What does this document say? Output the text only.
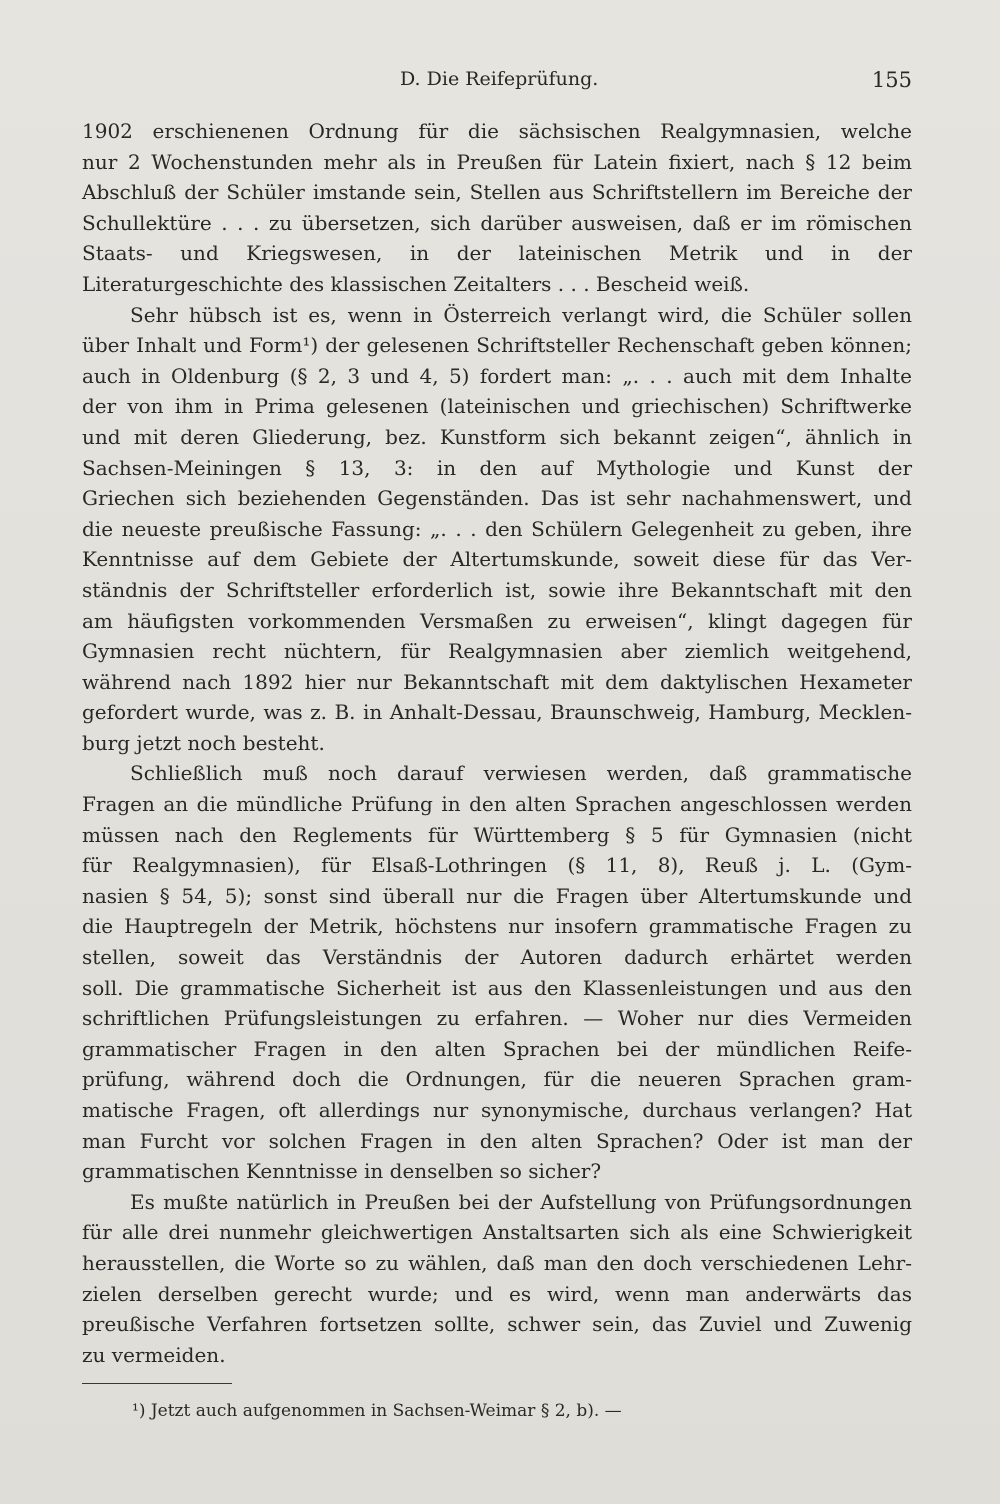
D. Die Reifeprüfung.	155
1902 erschienenen Ordnung für die sächsischen Realgymnasien, welche
nur 2 Wochenstunden mehr als in Preußen für Latein fixiert, nach § 12 beim
Abschluß der Schüler imstande sein, Stellen aus Schriftstellern im Bereiche der
Schullektüre . . . zu übersetzen, sich darüber ausweisen, daß er im römischen
Staats- und Kriegswesen, in der lateinischen Metrik und in der
Literaturgeschichte des klassischen Zeitalters . . . Bescheid weiß.
Sehr hübsch ist es, wenn in Österreich verlangt wird, die Schüler sollen
über Inhalt und Form¹) der gelesenen Schriftsteller Rechenschaft geben können;
auch in Oldenburg (§ 2, 3 und 4, 5) fordert man: „. . . auch mit dem Inhalte
der von ihm in Prima gelesenen (lateinischen und griechischen) Schriftwerke
und mit deren Gliederung, bez. Kunstform sich bekannt zeigen“, ähnlich in
Sachsen-Meiningen § 13, 3: in den auf Mythologie und Kunst der
Griechen sich beziehenden Gegenständen. Das ist sehr nachahmenswert, und
die neueste preußische Fassung: „. . . den Schülern Gelegenheit zu geben, ihre
Kenntnisse auf dem Gebiete der Altertumskunde, soweit diese für das Ver-
ständnis der Schriftsteller erforderlich ist, sowie ihre Bekanntschaft mit den
am häufigsten vorkommenden Versmaßen zu erweisen“, klingt dagegen für
Gymnasien recht nüchtern, für Realgymnasien aber ziemlich weitgehend,
während nach 1892 hier nur Bekanntschaft mit dem daktylischen Hexameter
gefordert wurde, was z. B. in Anhalt-Dessau, Braunschweig, Hamburg, Mecklen-
burg jetzt noch besteht.
Schließlich muß noch darauf verwiesen werden, daß grammatische
Fragen an die mündliche Prüfung in den alten Sprachen angeschlossen werden
müssen nach den Reglements für Württemberg § 5 für Gymnasien (nicht
für Realgymnasien), für Elsaß-Lothringen (§ 11, 8), Reuß j. L. (Gym-
nasien § 54, 5); sonst sind überall nur die Fragen über Altertumskunde und
die Hauptregeln der Metrik, höchstens nur insofern grammatische Fragen zu
stellen, soweit das Verständnis der Autoren dadurch erhärtet werden
soll. Die grammatische Sicherheit ist aus den Klassenleistungen und aus den
schriftlichen Prüfungsleistungen zu erfahren. — Woher nur dies Vermeiden
grammatischer Fragen in den alten Sprachen bei der mündlichen Reife-
prüfung, während doch die Ordnungen, für die neueren Sprachen gram-
matische Fragen, oft allerdings nur synonymische, durchaus verlangen? Hat
man Furcht vor solchen Fragen in den alten Sprachen? Oder ist man der
grammatischen Kenntnisse in denselben so sicher?
Es mußte natürlich in Preußen bei der Aufstellung von Prüfungsordnungen
für alle drei nunmehr gleichwertigen Anstaltsarten sich als eine Schwierigkeit
herausstellen, die Worte so zu wählen, daß man den doch verschiedenen Lehr-
zielen derselben gerecht wurde; und es wird, wenn man anderwärts das
preußische Verfahren fortsetzen sollte, schwer sein, das Zuviel und Zuwenig
zu vermeiden.
¹) Jetzt auch aufgenommen in Sachsen-Weimar § 2, b). —
